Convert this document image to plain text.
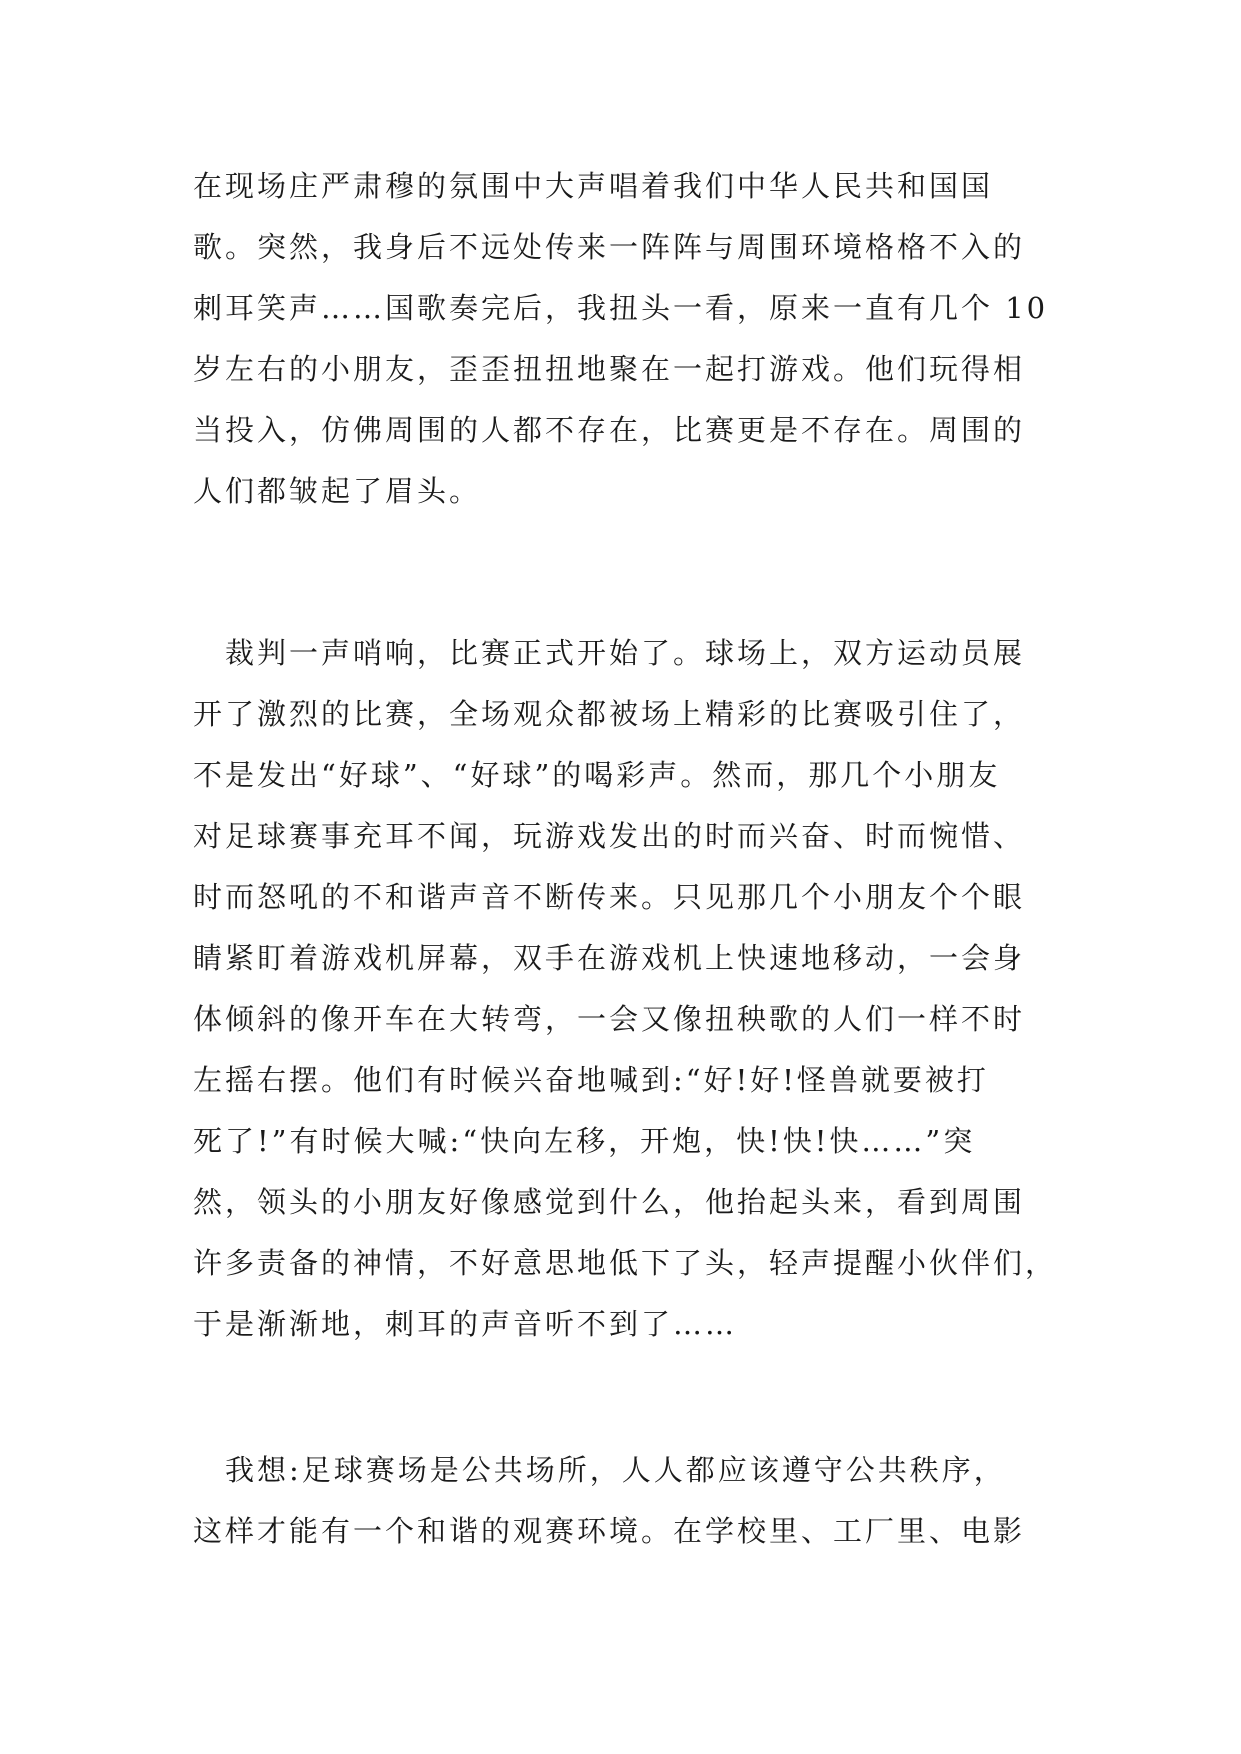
在现场庄严肃穆的氛围中大声唱着我们中华人民共和国国
歌。突然，我身后不远处传来一阵阵与周围环境格格不入的
刺耳笑声……国歌奏完后，我扭头一看，原来一直有几个 10
岁左右的小朋友，歪歪扭扭地聚在一起打游戏。他们玩得相
当投入，仿佛周围的人都不存在，比赛更是不存在。周围的
人们都皱起了眉头。
　裁判一声哨响，比赛正式开始了。球场上，双方运动员展
开了激烈的比赛，全场观众都被场上精彩的比赛吸引住了，
不是发出“好球”、“好球”的喝彩声。然而，那几个小朋友
对足球赛事充耳不闻，玩游戏发出的时而兴奋、时而惋惜、
时而怒吼的不和谐声音不断传来。只见那几个小朋友个个眼
睛紧盯着游戏机屏幕，双手在游戏机上快速地移动，一会身
体倾斜的像开车在大转弯，一会又像扭秧歌的人们一样不时
左摇右摆。他们有时候兴奋地喊到:“好!好!怪兽就要被打
死了!”有时候大喊:“快向左移，开炮，快!快!快……”突
然，领头的小朋友好像感觉到什么，他抬起头来，看到周围
许多责备的神情，不好意思地低下了头，轻声提醒小伙伴们，
于是渐渐地，刺耳的声音听不到了……
　我想:足球赛场是公共场所，人人都应该遵守公共秩序，
这样才能有一个和谐的观赛环境。在学校里、工厂里、电影
